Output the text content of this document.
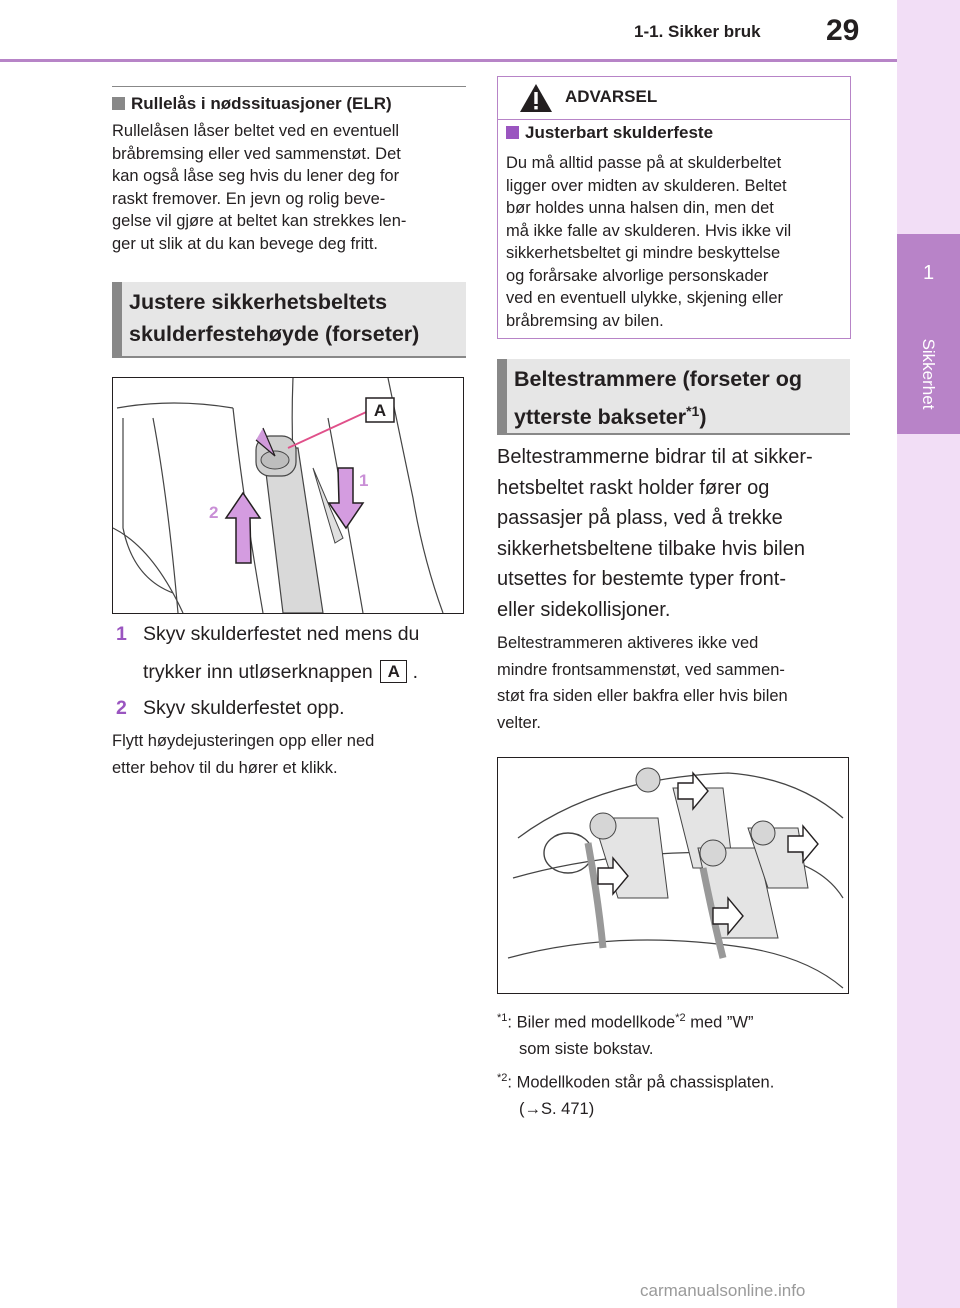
1-1. Sikker bruk 29
1
Sikkerhet
Rullelås i nødssituasjoner (ELR)
Rullelåsen låser beltet ved en eventuell
bråbremsing eller ved sammenstøt. Det
kan også låse seg hvis du lener deg for
raskt fremover. En jevn og rolig beve-
gelse vil gjøre at beltet kan strekkes len-
ger ut slik at du kan bevege deg fritt.
Justere sikkerhetsbeltets
skulderfestehøyde (forseter)
A
1
2
1 Skyv skulderfestet ned mens du
trykker inn utløserknappen A .
2 Skyv skulderfestet opp.
Flytt høydejusteringen opp eller ned
etter behov til du hører et klikk.
ADVARSEL
Justerbart skulderfeste
Du må alltid passe på at skulderbeltet
ligger over midten av skulderen. Beltet
bør holdes unna halsen din, men det
må ikke falle av skulderen. Hvis ikke vil
sikkerhetsbeltet gi mindre beskyttelse
og forårsake alvorlige personskader
ved en eventuell ulykke, skjening eller
bråbremsing av bilen.
Beltestrammere (forseter og
ytterste bakseter$^{*1}$)
Beltestrammerne bidrar til at sikker-
hetsbeltet raskt holder fører og
passasjer på plass, ved å trekke
sikkerhetsbeltene tilbake hvis bilen
utsettes for bestemte typer front-
eller sidekollisjoner.
Beltestrammeren aktiveres ikke ved
mindre frontsammenstøt, ved sammen-
støt fra siden eller bakfra eller hvis bilen
velter.
$^{*1}$: Biler med modellkode$^{*2}$ med ”W”
som siste bokstav.
$^{*2}$: Modellkoden står på chassisplaten.
(→S. 471)
carmanualsonline.info
